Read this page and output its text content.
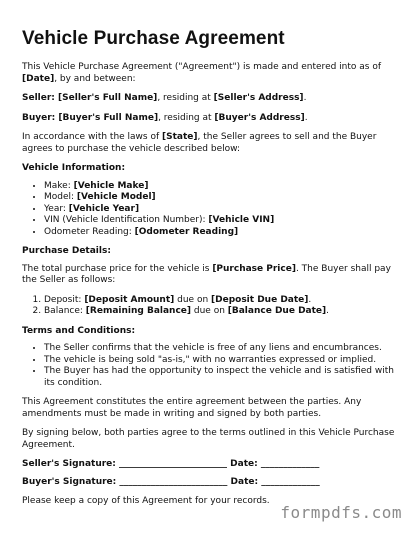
Vehicle Purchase Agreement

This Vehicle Purchase Agreement ("Agreement") is made and entered into as of [Date], by and between:

Seller: [Seller's Full Name], residing at [Seller's Address].

Buyer: [Buyer's Full Name], residing at [Buyer's Address].

In accordance with the laws of [State], the Seller agrees to sell and the Buyer agrees to purchase the vehicle described below:

Vehicle Information:
• Make: [Vehicle Make]
• Model: [Vehicle Model]
• Year: [Vehicle Year]
• VIN (Vehicle Identification Number): [Vehicle VIN]
• Odometer Reading: [Odometer Reading]
Purchase Details:

The total purchase price for the vehicle is [Purchase Price]. The Buyer shall pay the Seller as follows:

1. Deposit: [Deposit Amount] due on [Deposit Due Date].
2. Balance: [Remaining Balance] due on [Balance Due Date].
Terms and Conditions:
• The Seller confirms that the vehicle is free of any liens and encumbrances.
• The vehicle is being sold "as-is," with no warranties expressed or implied.
• The Buyer has had the opportunity to inspect the vehicle and is satisfied with its condition.

This Agreement constitutes the entire agreement between the parties. Any amendments must be made in writing and signed by both parties.

By signing below, both parties agree to the terms outlined in this Vehicle Purchase Agreement.

Seller's Signature: ________________________ Date: _____________
Buyer's Signature: ________________________ Date: _____________

Please keep a copy of this Agreement for your records.

formpdfs.com
